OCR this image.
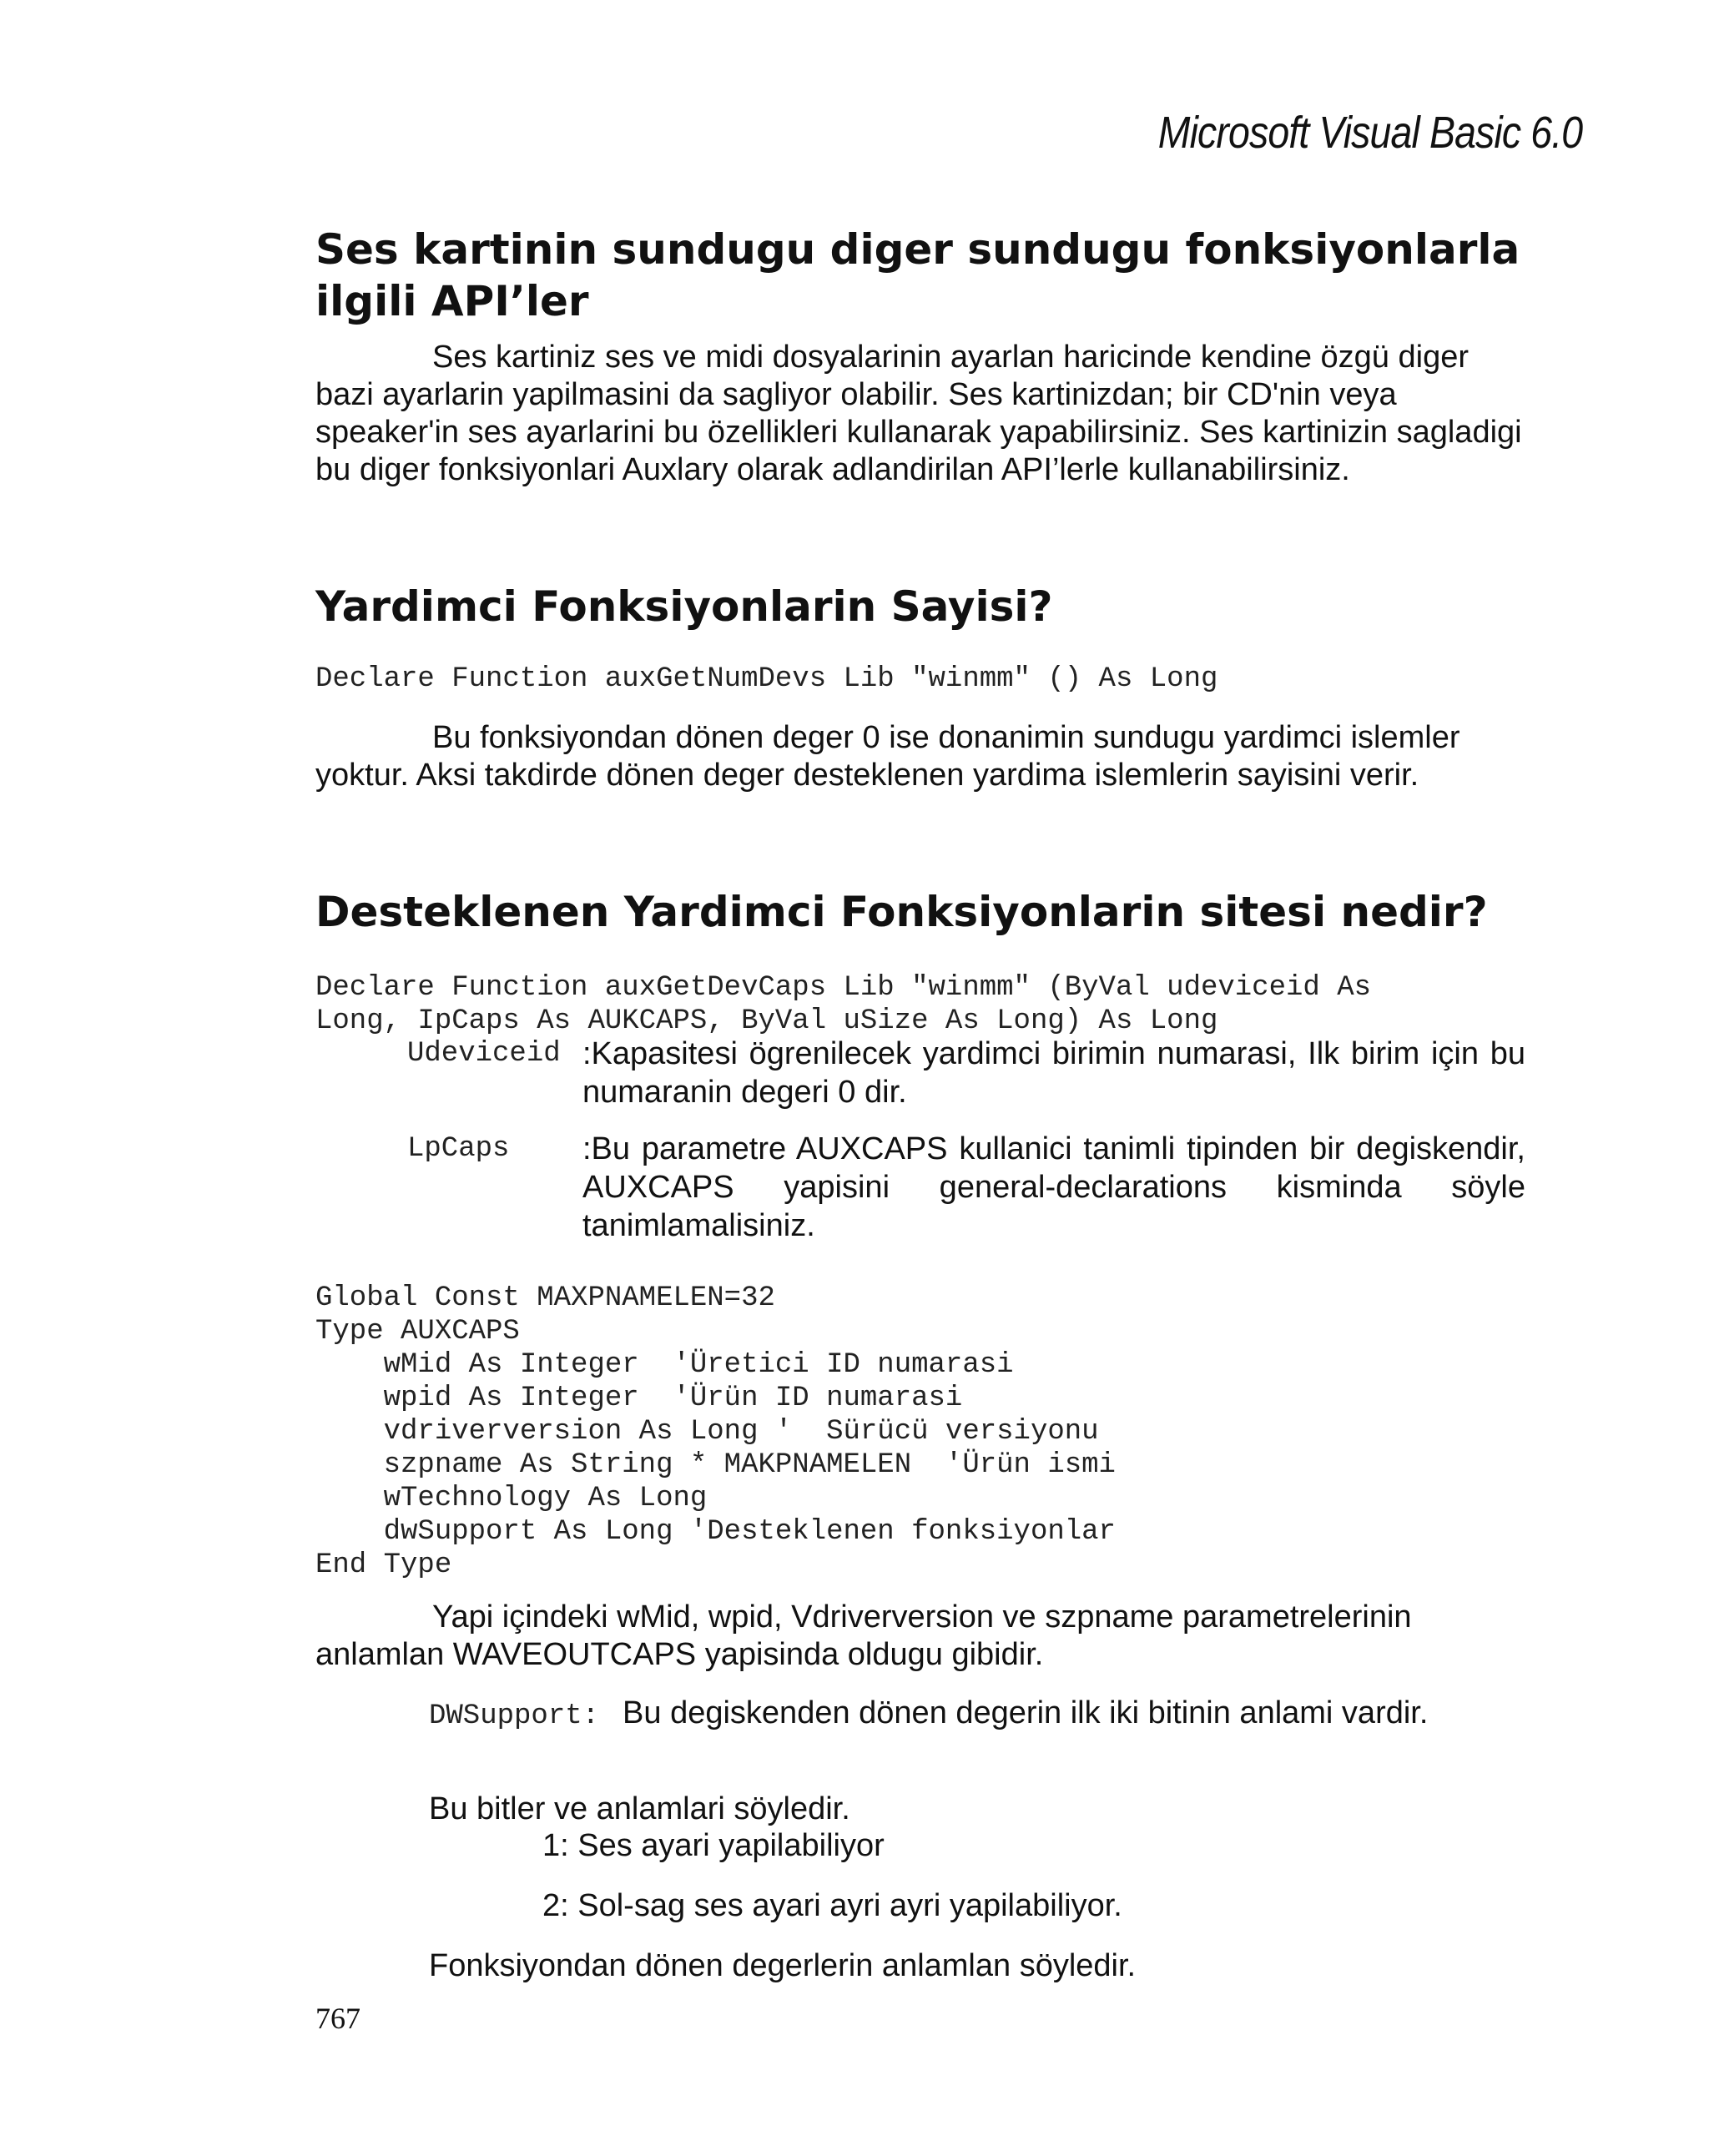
Microsoft Visual Basic 6.0
Ses kartinin sundugu diger sundugu fonksiyonlarla ilgili API’ler

Ses kartiniz ses ve midi dosyalarinin ayarlan haricinde kendine özgü diger bazi ayarlarin yapilmasini da sagliyor olabilir. Ses kartinizdan; bir CD'nin veya speaker'in ses ayarlarini bu özellikleri kullanarak yapabilirsiniz. Ses kartinizin sagladigi bu diger fonksiyonlari Auxlary olarak adlandirilan API’lerle kullanabilirsiniz.

Yardimci Fonksiyonlarin Sayisi?
Declare Function auxGetNumDevs Lib "winmm" () As Long

Bu fonksiyondan dönen deger 0 ise donanimin sundugu yardimci islemler yoktur. Aksi takdirde dönen deger desteklenen yardima islemlerin sayisini verir.

Desteklenen Yardimci Fonksiyonlarin sitesi nedir?
Declare Function auxGetDevCaps Lib "winmm" (ByVal udeviceid As
Long, IpCaps As AUKCAPS, ByVal uSize As Long) As Long
Udeviceid :Kapasitesi ögrenilecek yardimci birimin numarasi, Ilk birim için bu numaranin degeri 0 dir.
LpCaps	:Bu parametre AUXCAPS kullanici tanimli tipinden bir degiskendir, AUXCAPS yapisini general-declarations kisminda söyle tanimlamalisiniz.
Global Const MAXPNAMELEN=32
Type AUXCAPS
wMid As Integer  'Üretici ID numarasi
wpid As Integer  'Ürün ID numarasi
vdriverversion As Long '  Sürücü versiyonu
szpname As String * MAKPNAMELEN  'Ürün ismi
wTechnology As Long
dwSupport As Long 'Desteklenen fonksiyonlar
End Type

Yapi içindeki wMid, wpid, Vdriverversion ve szpname parametrelerinin anlamlan WAVEOUTCAPS yapisinda oldugu gibidir.

DWSupport: Bu degiskenden dönen degerin ilk iki bitinin anlami vardir.

Bu bitler ve anlamlari söyledir.

1: Ses ayari yapilabiliyor

2: Sol-sag ses ayari ayri ayri yapilabiliyor.

Fonksiyondan dönen degerlerin anlamlan söyledir.

767
